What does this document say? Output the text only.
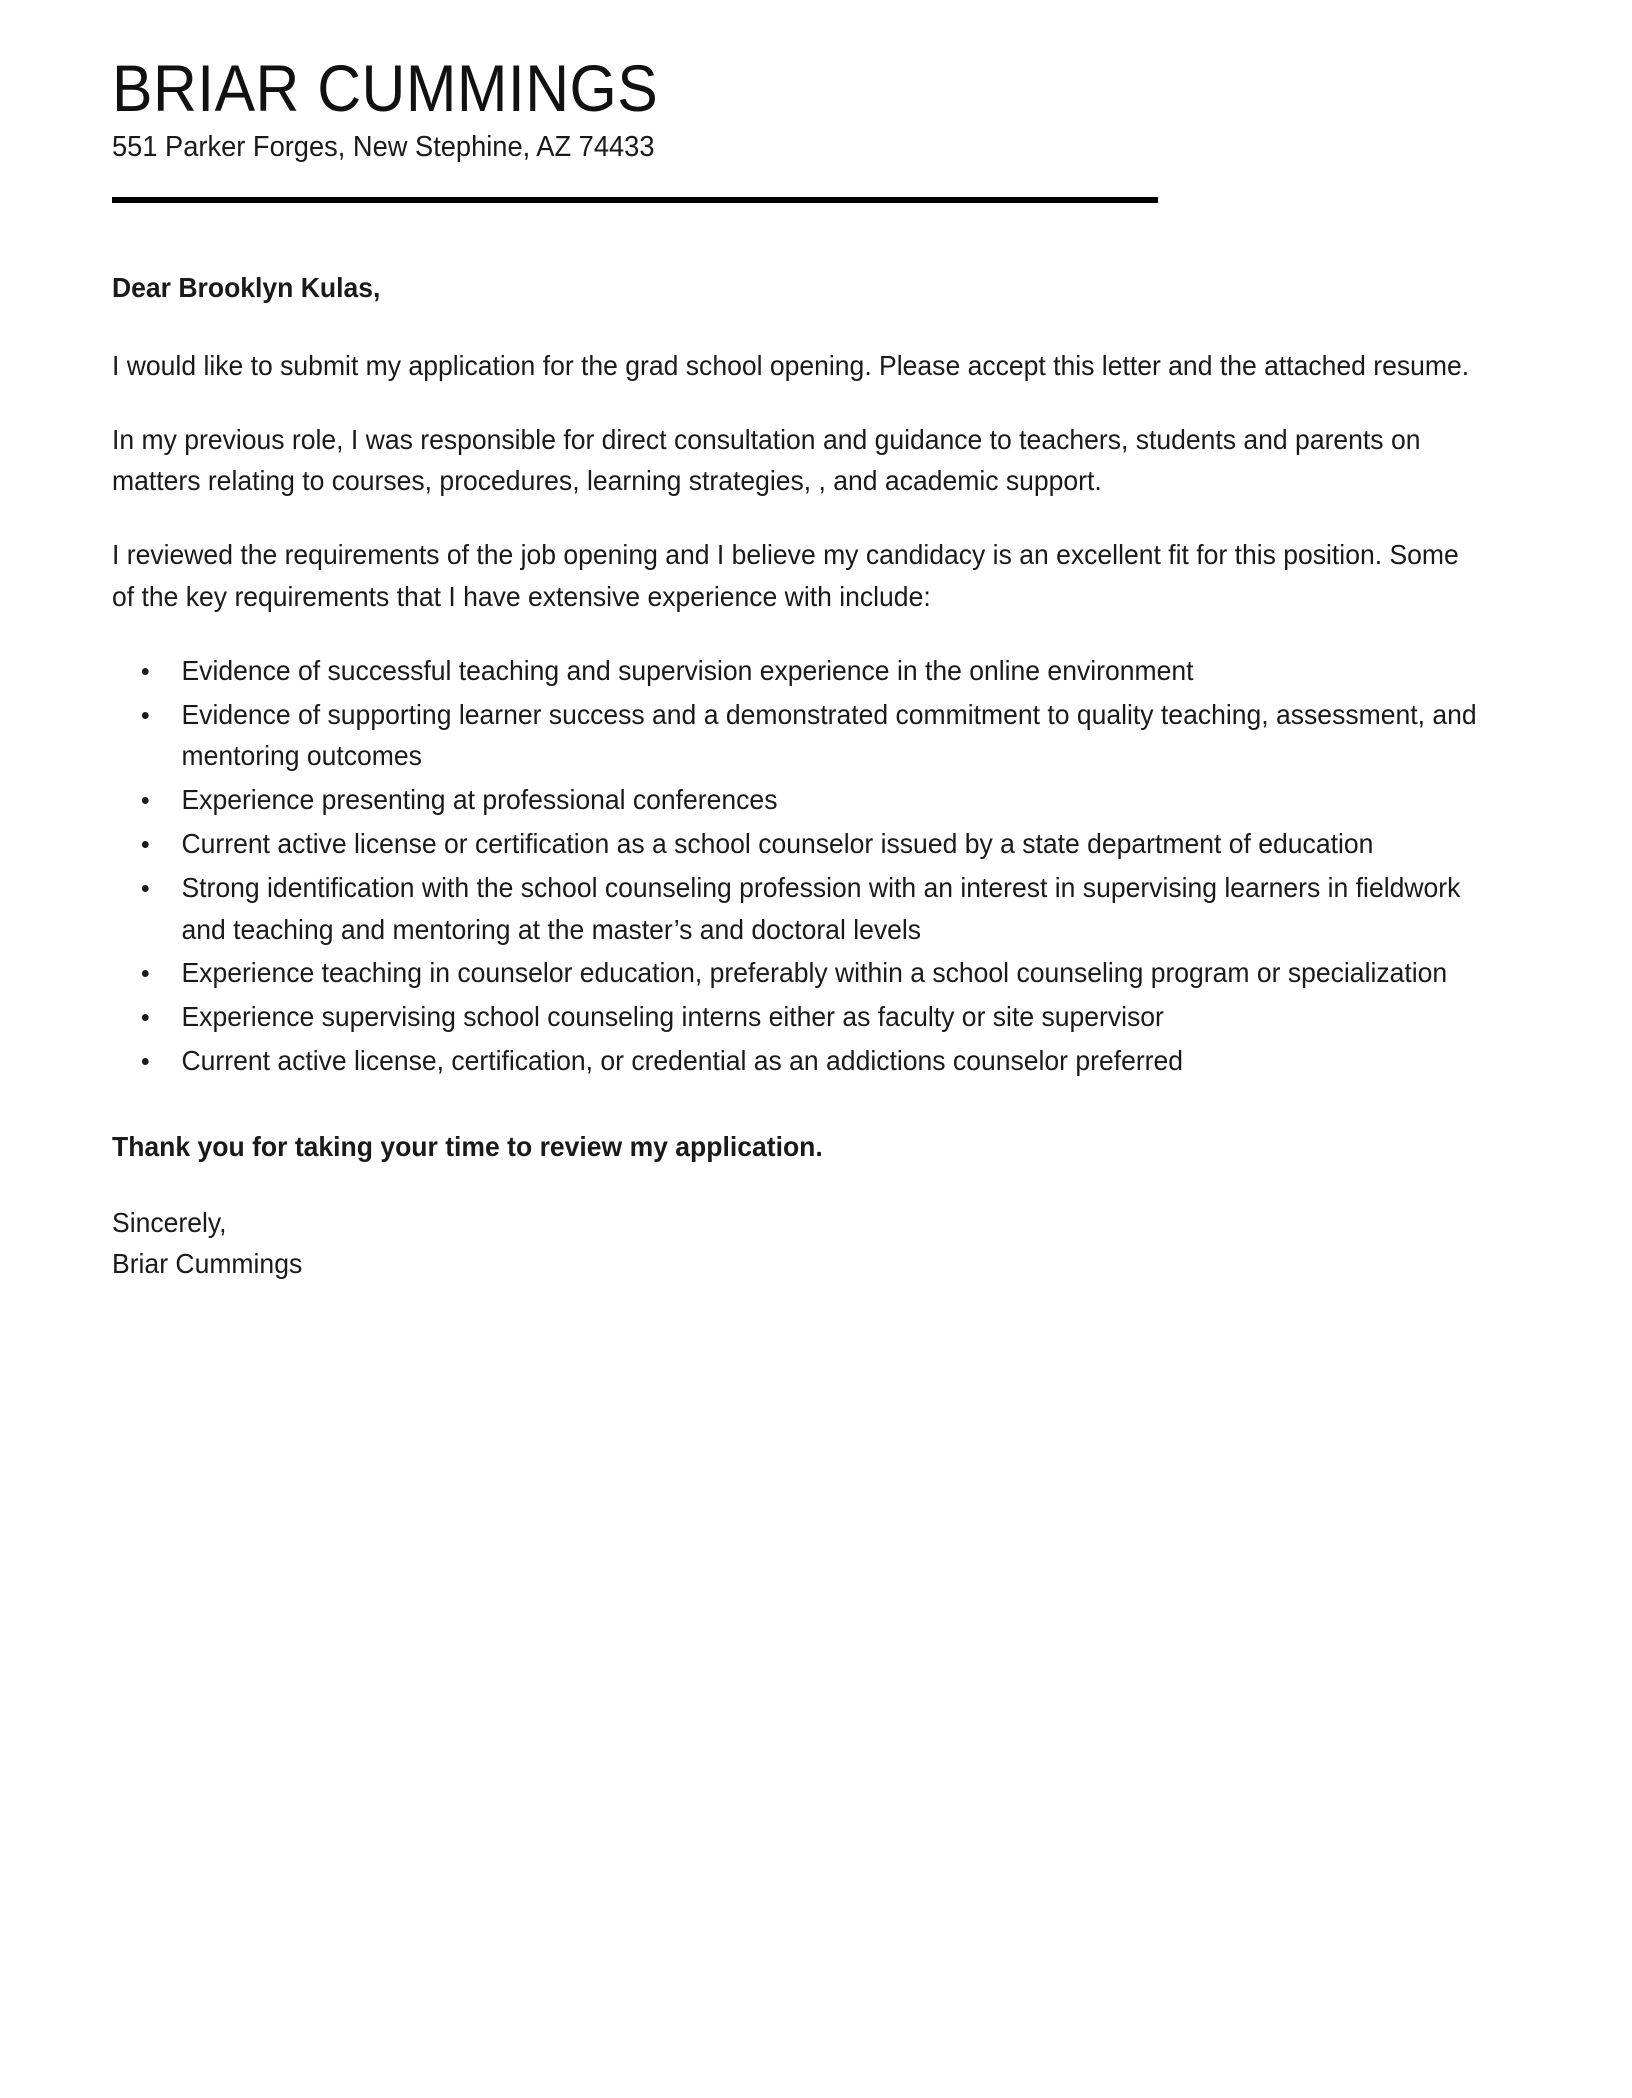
BRIAR CUMMINGS

551 Parker Forges, New Stephine, AZ 74433

Dear Brooklyn Kulas,

I would like to submit my application for the grad school opening. Please accept this letter and the attached resume.

In my previous role, I was responsible for direct consultation and guidance to teachers, students and parents on matters relating to courses, procedures, learning strategies, , and academic support.

I reviewed the requirements of the job opening and I believe my candidacy is an excellent fit for this position. Some of the key requirements that I have extensive experience with include:

Evidence of successful teaching and supervision experience in the online environment
Evidence of supporting learner success and a demonstrated commitment to quality teaching, assessment, and mentoring outcomes
Experience presenting at professional conferences
Current active license or certification as a school counselor issued by a state department of education
Strong identification with the school counseling profession with an interest in supervising learners in fieldwork and teaching and mentoring at the master’s and doctoral levels
Experience teaching in counselor education, preferably within a school counseling program or specialization
Experience supervising school counseling interns either as faculty or site supervisor
Current active license, certification, or credential as an addictions counselor preferred

Thank you for taking your time to review my application.

Sincerely,
Briar Cummings
